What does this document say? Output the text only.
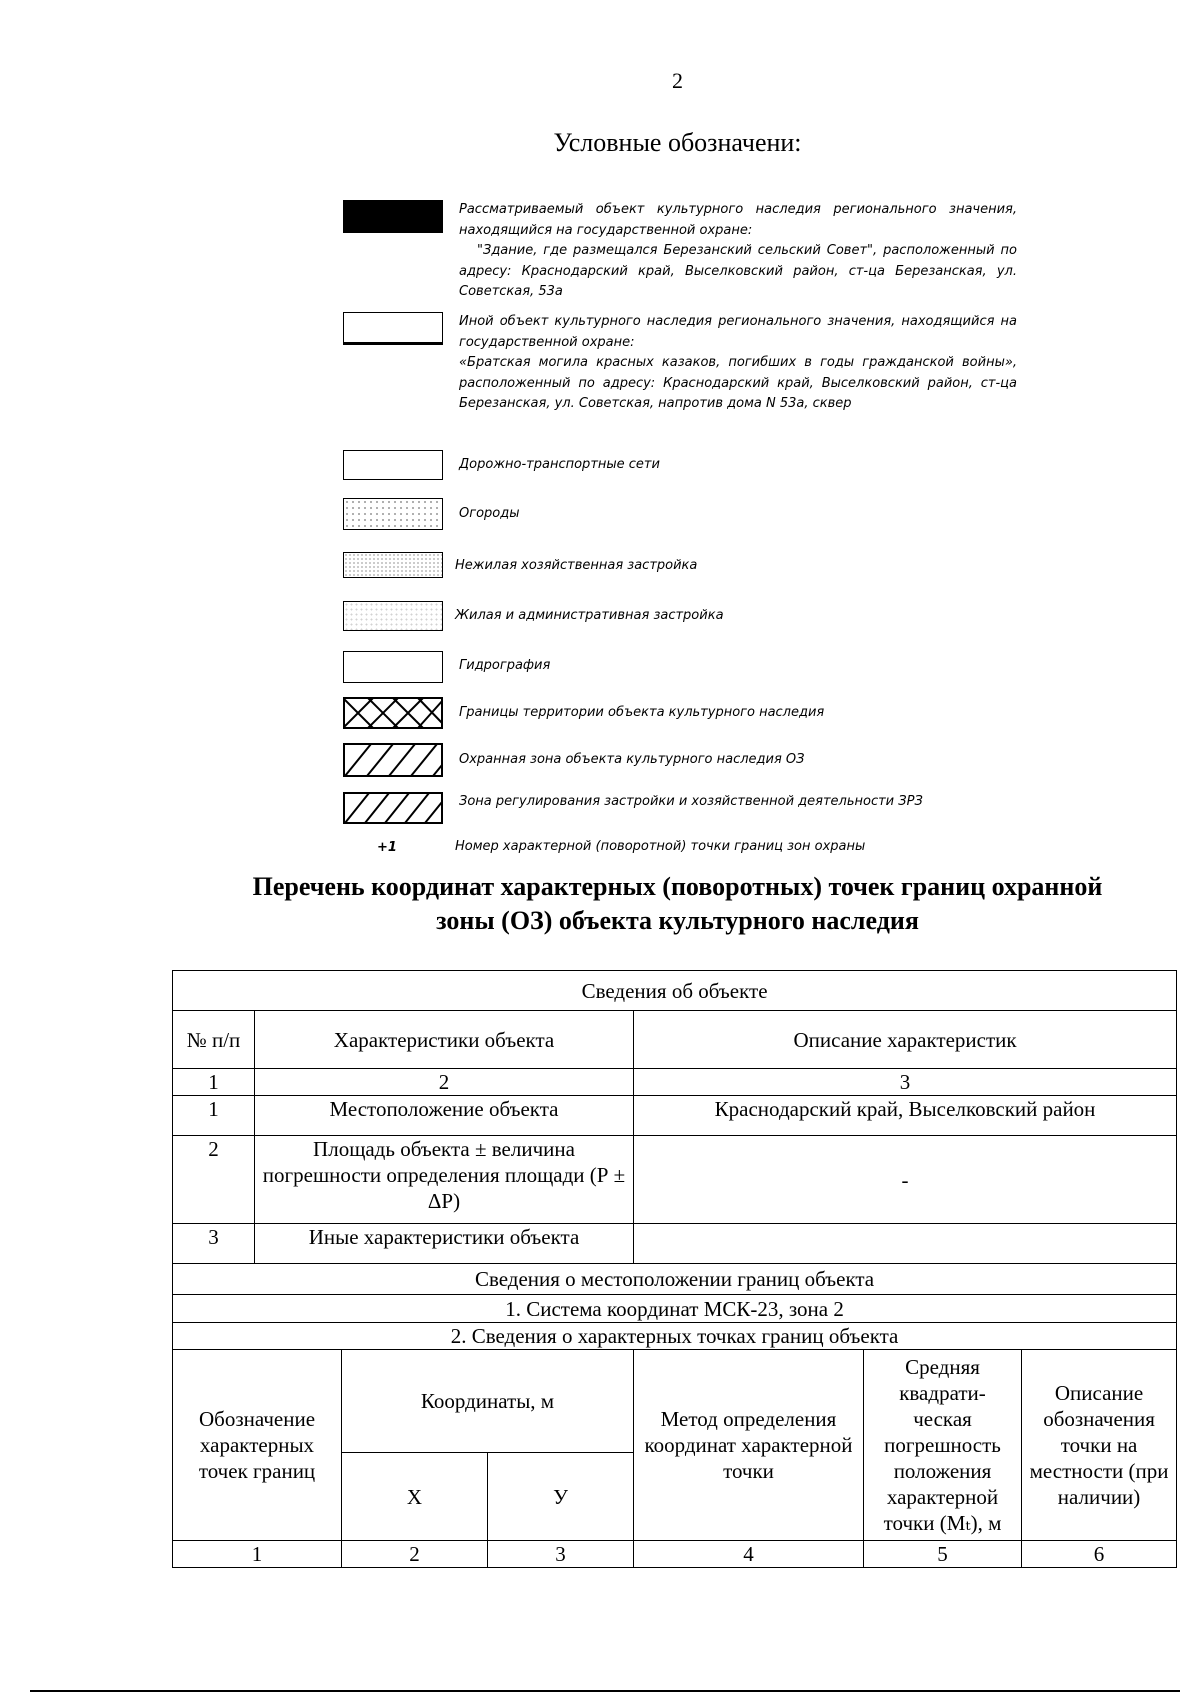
2
Условные обозначени:
Рассматриваемый объект культурного наследия регионального значения, находящийся на государственной охране:
"Здание, где размещался Березанский сельский Совет", расположенный по адресу: Краснодарский край, Выселковский район, ст-ца Березанская, ул. Советская, 53а
Иной объект культурного наследия регионального значения, находящийся на государственной охране:
«Братская могила красных казаков, погибших в годы гражданской войны», расположенный по адресу: Краснодарский край, Выселковский район, ст-ца Березанская, ул. Советская, напротив дома N 53а, сквер
Дорожно-транспортные сети
Огороды
Нежилая хозяйственная застройка
Жилая и административная застройка
Гидрография
Границы территории объекта культурного наследия
Охранная зона объекта культурного наследия ОЗ
Зона регулирования застройки и хозяйственной деятельности ЗРЗ
+1	Номер характерной (поворотной) точки границ зон охраны
Перечень координат характерных (поворотных) точек границ охранной
зоны (ОЗ) объекта культурного наследия
Сведения об объекте						
№ п/п	Характеристики объекта			Описание характеристик		
1	2			3		
1	Местоположение объекта			Краснодарский край, Выселковский район		
2	Площадь объекта ± величина погрешности определения площади (Р ± ΔР)			-		
3	Иные характеристики объекта					
Сведения о местоположении границ объекта						
1. Система координат МСК-23, зона 2						
2. Сведения о характерных точках границ объекта						
Обозначение характерных точек границ		Координаты, м		Метод определения координат характерной точки	Средняя квадрати-ческая погрешность положения характерной точки (Mₜ), м	Описание обозначения точки на местности (при наличии)
		X	У			
1		2	3	4	5	6
